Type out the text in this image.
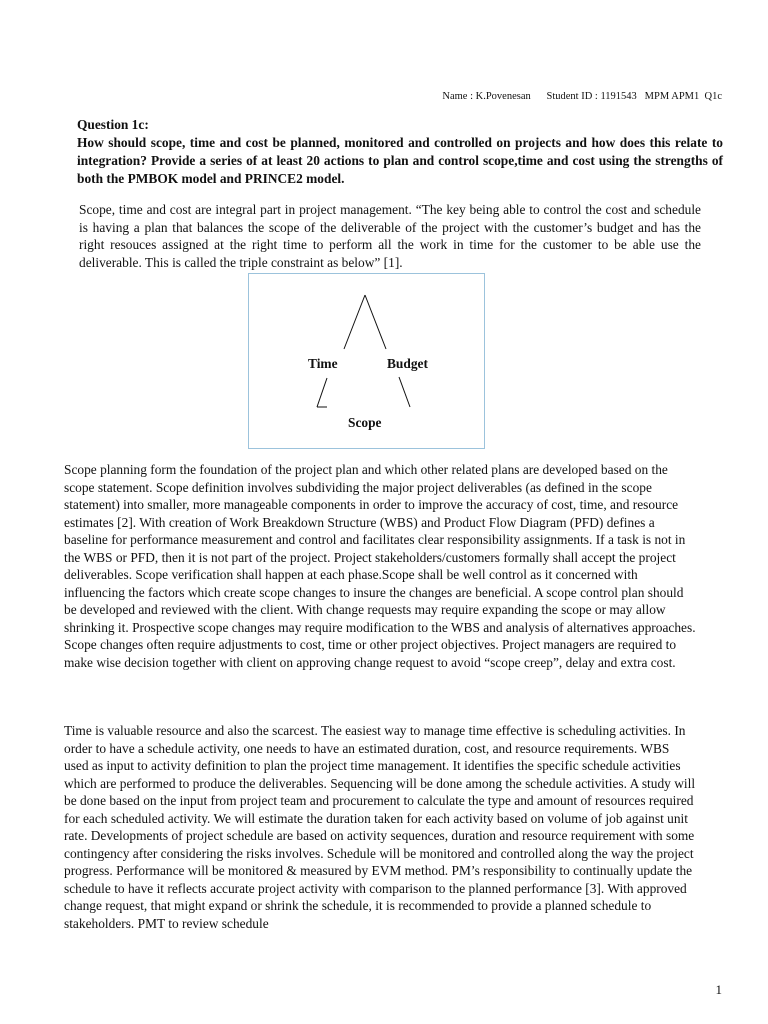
Name : K.Povenesan      Student ID : 1191543   MPM APM1  Q1c
Question 1c:
How should scope, time and cost be planned, monitored and controlled on projects and how does this relate to integration? Provide a series of at least 20 actions to plan and control scope,time and cost using the strengths of both the PMBOK model and PRINCE2 model.
Scope, time and cost are integral part in project management. “The key being able to control the cost and schedule is having a plan that balances the scope of the deliverable of the project with the customer’s budget and has the right resouces assigned at the right time to perform all the work in time for the customer to be able use the deliverable. This is called the triple constraint as below” [1].
Time	Budget
Scope
Scope planning form the foundation of the project plan and which other related plans are developed based on the scope statement. Scope definition involves subdividing the major project deliverables (as defined in the scope statement) into smaller, more manageable components in order to improve the accuracy of cost, time, and resource estimates [2]. With creation of Work Breakdown Structure (WBS) and Product Flow Diagram (PFD) defines a baseline for performance measurement and control and facilitates clear responsibility assignments. If a task is not in the WBS or PFD, then it is not part of the project. Project stakeholders/customers formally shall accept the project deliverables. Scope verification shall happen at each phase.Scope shall be well control as it concerned with influencing the factors which create scope changes to insure the changes are beneficial. A scope control plan should be developed and reviewed with the client. With change requests may require expanding the scope or may allow shrinking it. Prospective scope changes may require modification to the WBS and analysis of alternatives approaches. Scope changes often require adjustments to cost, time or other project objectives. Project managers are required to make wise decision together with client on approving change request to avoid “scope creep”, delay and extra cost.
Time is valuable resource and also the scarcest. The easiest way to manage time effective is scheduling activities. In order to have a schedule activity, one needs to have an estimated duration, cost, and resource requirements. WBS used as input to activity definition to plan the project time management. It identifies the specific schedule activities which are performed to produce the deliverables. Sequencing will be done among the schedule activities. A study will be done based on the input from project team and procurement to calculate the type and amount of resources required for each scheduled activity. We will estimate the duration taken for each activity based on volume of job against unit rate. Developments of project schedule are based on activity sequences, duration and resource requirement with some contingency after considering the risks involves. Schedule will be monitored and controlled along the way the project progress. Performance will be monitored & measured by EVM method. PM’s responsibility to continually update the schedule to have it reflects accurate project activity with comparison to the planned performance [3]. With approved change request, that might expand or shrink the schedule, it is recommended to provide a planned schedule to stakeholders. PMT to review schedule
1
